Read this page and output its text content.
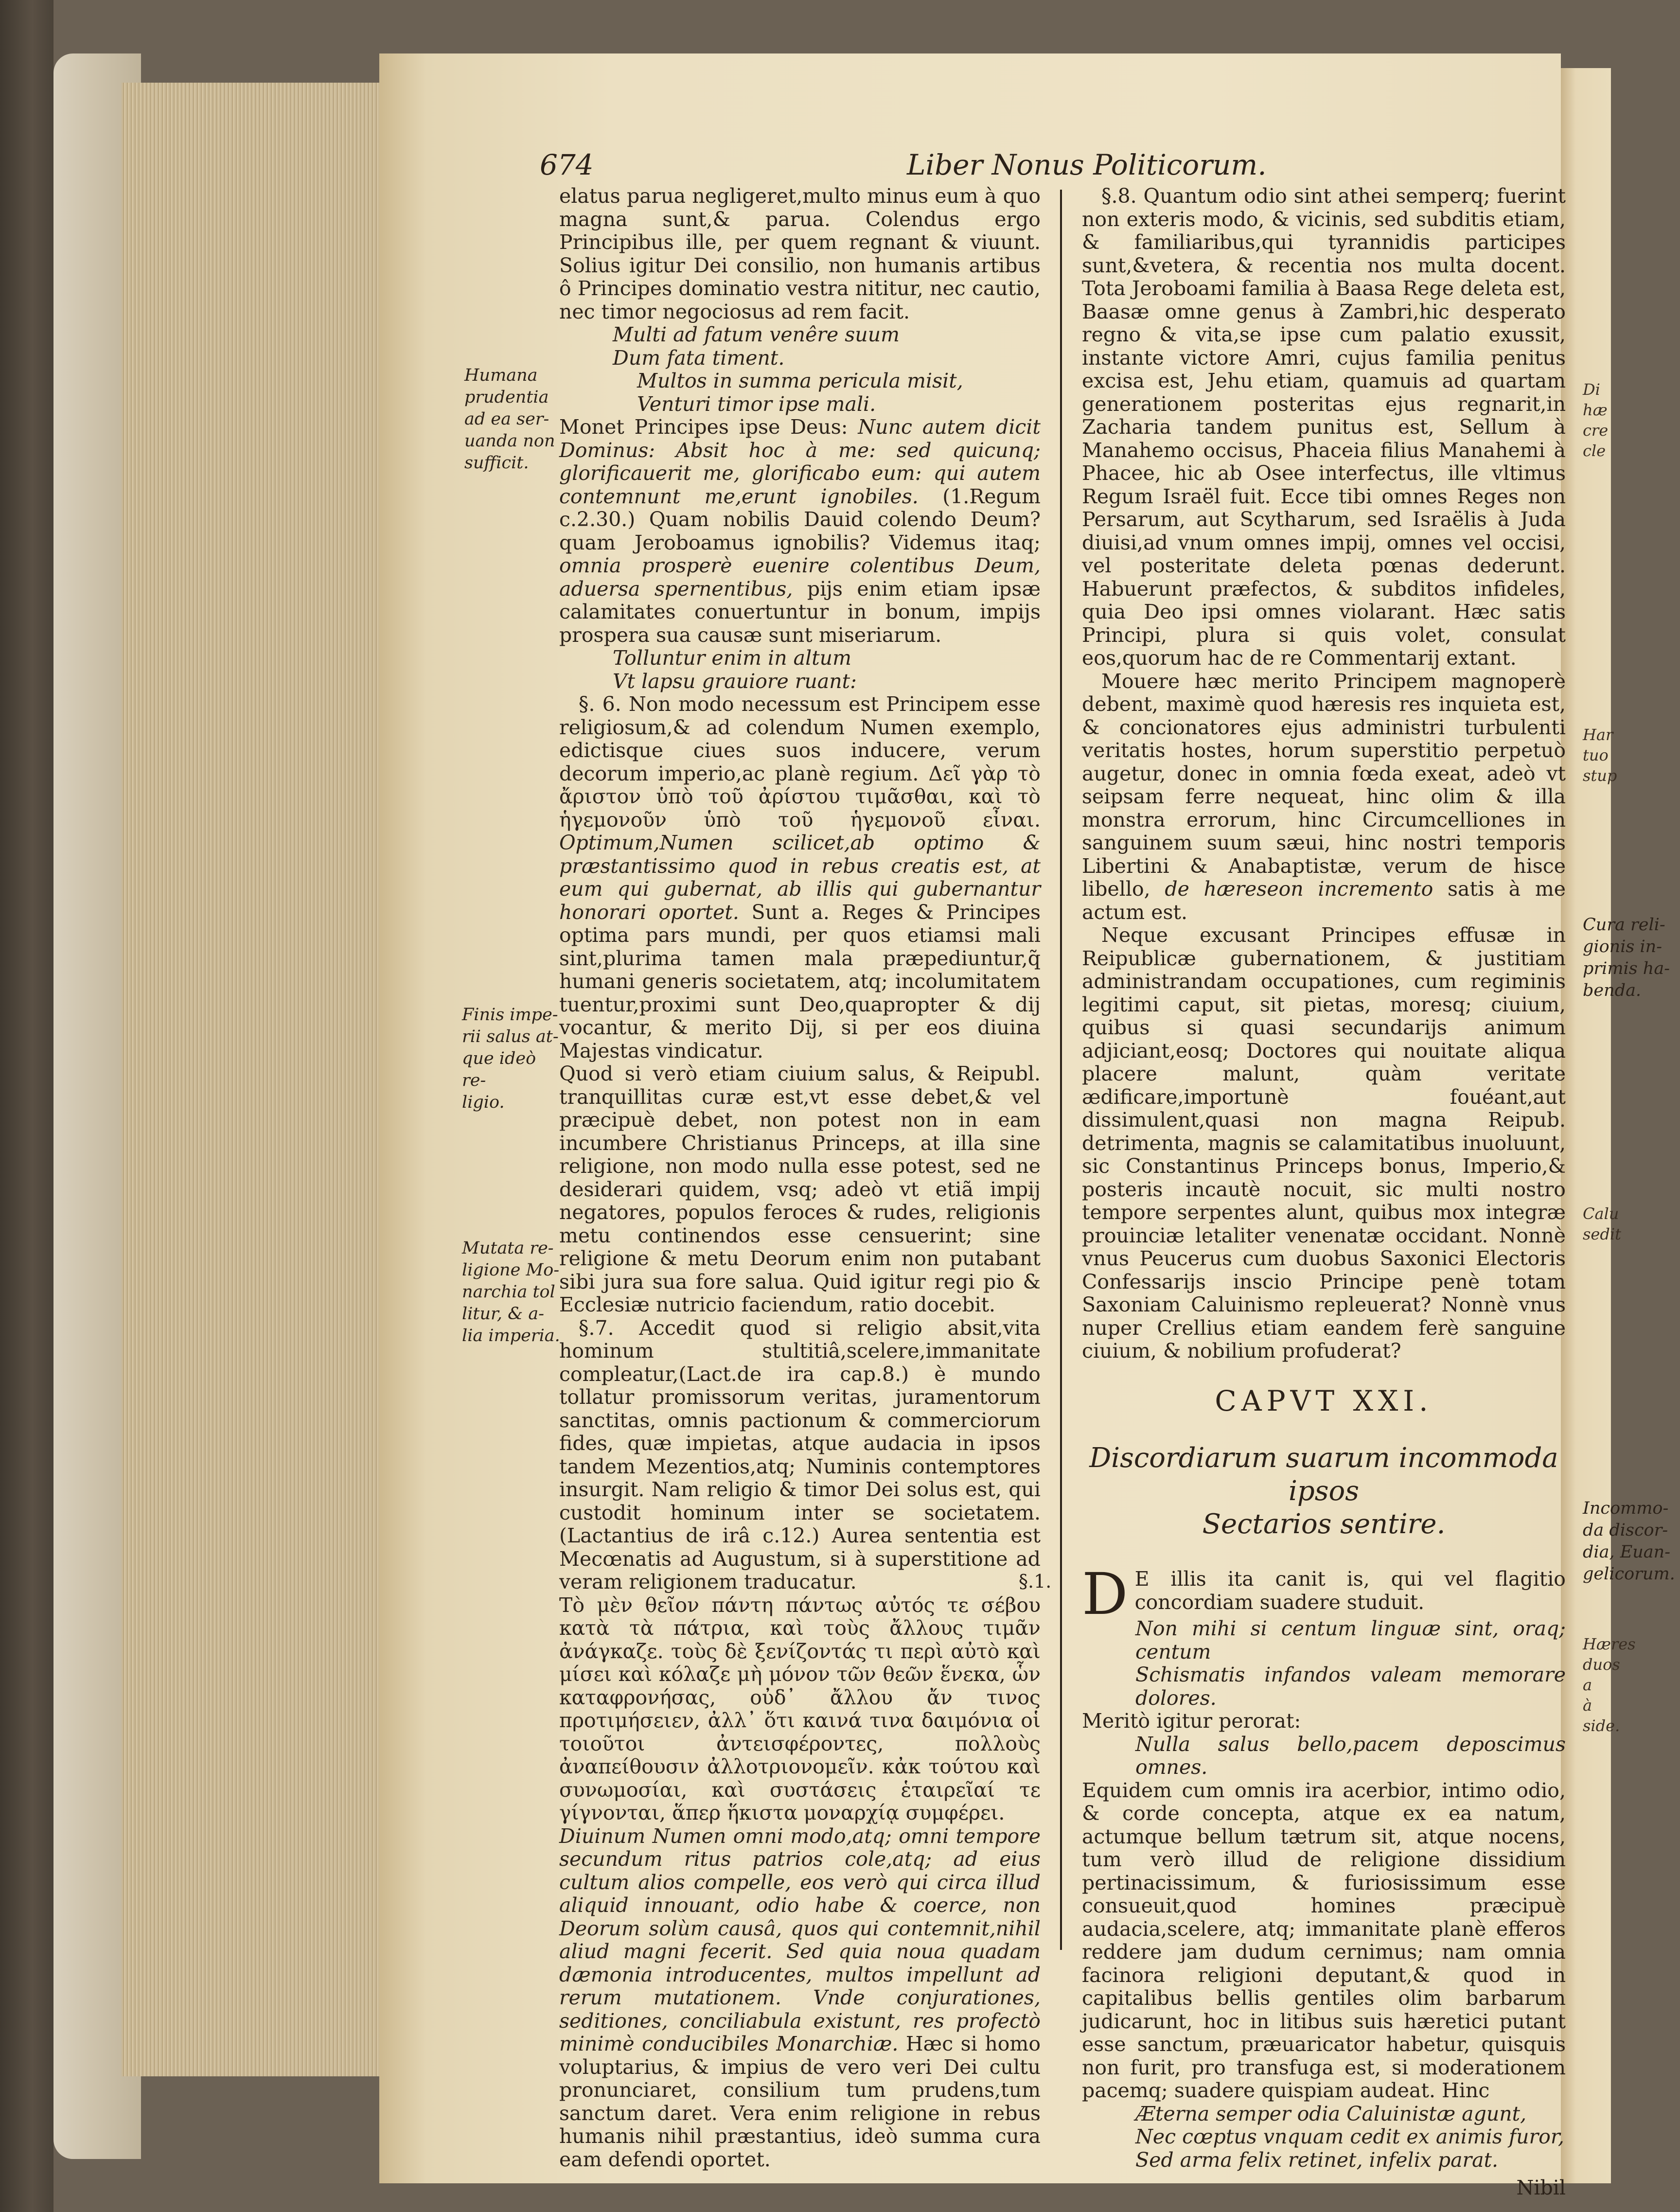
674	Liber Nonus Politicorum.

Humana

prudentia

ad ea ser-

uanda non

sufficit.

Finis impe-

rii salus at-

que ideò re-

ligio.

Mutata re-

ligione Mo-

narchia tol

litur, & a-

lia imperia.

elatus parua negligeret,multo minus eum à quo magna sunt,& parua. Colendus ergo Principibus ille, per quem regnant & viuunt. Solius igitur Dei consilio, non humanis artibus ô Principes dominatio vestra nititur, nec cautio, nec timor negociosus ad rem facit.

Multi ad fatum venêre suum

Dum fata timent.

Multos in summa pericula misit,

Venturi timor ipse mali.

Monet Principes ipse Deus: Nunc autem dicit Dominus: Absit hoc à me: sed quicunq; glorificauerit me, glorificabo eum: qui autem contemnunt me,erunt ignobiles. (1.Regum c.2.30.) Quam nobilis Dauid colendo Deum? quam Jeroboamus ignobilis? Videmus itaq; omnia prosperè euenire colentibus Deum, aduersa spernentibus, pijs enim etiam ipsæ calamitates conuertuntur in bonum, impijs prospera sua causæ sunt miseriarum.

Tolluntur enim in altum

Vt lapsu grauiore ruant:

§. 6. Non modo necessum est Principem esse religiosum,& ad colendum Numen exemplo, edictisque ciues suos inducere, verum decorum imperio,ac planè regium. Δεῖ γὰρ τὸ ἄριστον ὑπὸ τοῦ ἀρίστου τιμᾶσθαι, καὶ τὸ ἡγεμονοῦν ὑπὸ τοῦ ἡγεμονοῦ εἶναι. Optimum,Numen scilicet,ab optimo & præstantissimo quod in rebus creatis est, at eum qui gubernat, ab illis qui gubernantur honorari oportet. Sunt a. Reges & Principes optima pars mundi, per quos etiamsi mali sint,plurima tamen mala præpediuntur,q̃ humani generis societatem, atq; incolumitatem tuentur,proximi sunt Deo,quapropter & dij vocantur, & merito Dij, si per eos diuina Majestas vindicatur.

Quod si verò etiam ciuium salus, & Reipubl. tranquillitas curæ est,vt esse debet,& vel præcipuè debet, non potest non in eam incumbere Christianus Princeps, at illa sine religione, non modo nulla esse potest, sed ne desiderari quidem, vsq; adeò vt etiã impij negatores, populos feroces & rudes, religionis metu continendos esse censuerint; sine religione & metu Deorum enim non putabant sibi jura sua fore salua. Quid igitur regi pio & Ecclesiæ nutricio faciendum, ratio docebit.

§.7. Accedit quod si religio absit,vita hominum stultitiâ,scelere,immanitate compleatur,(Lact.de ira cap.8.) è mundo tollatur promissorum veritas, juramentorum sanctitas, omnis pactionum & commerciorum fides, quæ impietas, atque audacia in ipsos tandem Mezentios,atq; Numinis contemptores insurgit. Nam religio & timor Dei solus est, qui custodit hominum inter se societatem. (Lactantius de irâ c.12.) Aurea sententia est Mecœnatis ad Augustum, si à superstitione ad veram religionem traducatur.

Τὸ μὲν θεῖον πάντη πάντως αὐτός τε σέβου κατὰ τὰ πάτρια, καὶ τοὺς ἄλλους τιμᾶν ἀνάγκαζε. τοὺς δὲ ξενίζοντάς τι περὶ αὐτὸ καὶ μίσει καὶ κόλαζε μὴ μόνον τῶν θεῶν ἕνεκα, ὧν καταφρονήσας, οὐδ᾽ ἄλλου ἄν τινος προτιμήσειεν, ἀλλ᾽ ὅτι καινά τινα δαιμόνια οἱ τοιοῦτοι ἀντεισφέροντες, πολλοὺς ἀναπείθουσιν ἀλλοτριονομεῖν. κἀκ τούτου καὶ συνωμοσίαι, καὶ συστάσεις ἑταιρεῖαί τε γίγνονται, ἅπερ ἥκιστα μοναρχίᾳ συμφέρει.

Diuinum Numen omni modo,atq; omni tempore secundum ritus patrios cole,atq; ad eius cultum alios compelle, eos verò qui circa illud aliquid innouant, odio habe & coerce, non Deorum solùm causâ, quos qui contemnit,nihil aliud magni fecerit. Sed quia noua quadam dæmonia introducentes, multos impellunt ad rerum mutationem. Vnde conjurationes, seditiones, conciliabula existunt, res profectò minimè conducibiles Monarchiæ. Hæc si homo voluptarius, & impius de vero veri Dei cultu pronunciaret, consilium tum prudens,tum sanctum daret. Vera enim religione in rebus humanis nihil præstantius, ideò summa cura eam defendi oportet.

§.8. Quantum odio sint athei semperq; fuerint non exteris modo, & vicinis, sed subditis etiam, & familiaribus,qui tyrannidis participes sunt,&vetera, & recentia nos multa docent. Tota Jeroboami familia à Baasa Rege deleta est, Baasæ omne genus à Zambri,hic desperato regno & vita,se ipse cum palatio exussit, instante victore Amri, cujus familia penitus excisa est, Jehu etiam, quamuis ad quartam generationem posteritas ejus regnarit,in Zacharia tandem punitus est, Sellum à Manahemo occisus, Phaceia filius Manahemi à Phacee, hic ab Osee interfectus, ille vltimus Regum Israël fuit. Ecce tibi omnes Reges non Persarum, aut Scytharum, sed Israëlis à Juda diuisi,ad vnum omnes impij, omnes vel occisi, vel posteritate deleta pœnas dederunt. Habuerunt præfectos, & subditos infideles, quia Deo ipsi omnes violarant. Hæc satis Principi, plura si quis volet, consulat eos,quorum hac de re Commentarij extant.

Mouere hæc merito Principem magnoperè debent, maximè quod hæresis res inquieta est, & concionatores ejus administri turbulenti veritatis hostes, horum superstitio perpetuò augetur, donec in omnia fœda exeat, adeò vt seipsam ferre nequeat, hinc olim & illa monstra errorum, hinc Circumcelliones in sanguinem suum sæui, hinc nostri temporis Libertini & Anabaptistæ, verum de hisce libello, de hæreseon incremento satis à me actum est.

Neque excusant Principes effusæ in Reipublicæ gubernationem, & justitiam administrandam occupationes, cum regiminis legitimi caput, sit pietas, moresq; ciuium, quibus si quasi secundarijs animum adjiciant,eosq; Doctores qui nouitate aliqua placere malunt, quàm veritate ædificare,importunè fouéant,aut dissimulent,quasi non magna Reipub. detrimenta, magnis se calamitatibus inuoluunt, sic Constantinus Princeps bonus, Imperio,& posteris incautè nocuit, sic multi nostro tempore serpentes alunt, quibus mox integræ prouinciæ letaliter venenatæ occidant. Nonnè vnus Peucerus cum duobus Saxonici Electoris Confessarijs inscio Principe penè totam Saxoniam Caluinismo repleuerat? Nonnè vnus nuper Crellius etiam eandem ferè sanguine ciuium, & nobilium profuderat?

CAPVT XXI.

Discordiarum suarum incommoda ipsos

Sectarios sentire.

§.1. D E illis ita canit is, qui vel flagitio concordiam suadere studuit.

Non mihi si centum linguæ sint, oraq; centum

Schismatis infandos valeam memorare dolores.

Meritò igitur perorat:

Nulla salus bello,pacem deposcimus omnes.

Equidem cum omnis ira acerbior, intimo odio, & corde concepta, atque ex ea natum, actumque bellum tætrum sit, atque nocens, tum verò illud de religione dissidium pertinacissimum, & furiosissimum esse consueuit,quod homines præcipuè audacia,scelere, atq; immanitate planè efferos reddere jam dudum cernimus; nam omnia facinora religioni deputant,& quod in capitalibus bellis gentiles olim barbarum judicarunt, hoc in litibus suis hæretici putant esse sanctum, præuaricator habetur, quisquis non furit, pro transfuga est, si moderationem pacemq; suadere quispiam audeat. Hinc

Æterna semper odia Caluinistæ agunt,

Nec cœptus vnquam cedit ex animis furor,

Sed arma felix retinet, infelix parat.

Nibil

Cura reli-

gionis in-

primis ha-

benda.

Incommo-

da discor-

dia, Euan-

gelicorum.

Di

hæ

cre

cle

Har

tuo

stup

Calu

sedit

Hæres

duos a

à side.
